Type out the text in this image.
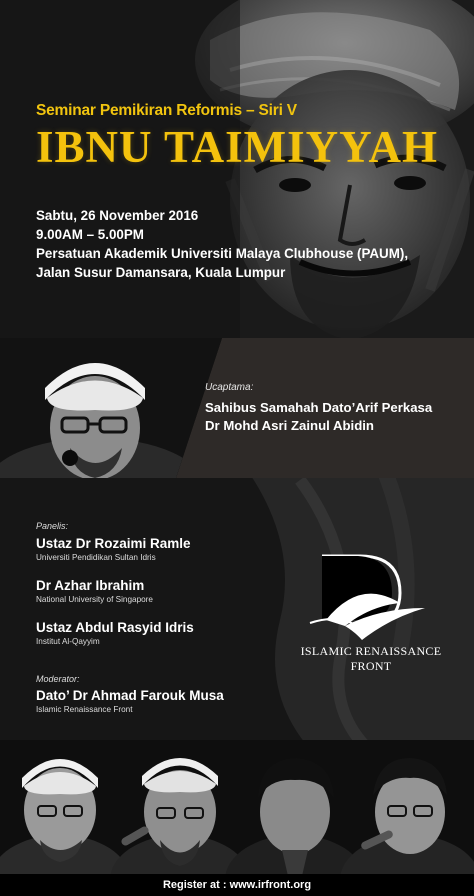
Seminar Pemikiran Reformis – Siri V

IBNU TAIMIYYAH
Sabtu, 26 November 2016
9.00AM – 5.00PM
Persatuan Akademik Universiti Malaya Clubhouse (PAUM),
Jalan Susur Damansara, Kuala Lumpur
Ucaptama:
Sahibus Samahah Dato’Arif Perkasa
Dr Mohd Asri Zainul Abidin
Panelis:
Ustaz Dr Rozaimi Ramle
Universiti Pendidikan Sultan Idris
Dr Azhar Ibrahim
National University of Singapore
Ustaz Abdul Rasyid Idris
Institut Al-Qayyim
Moderator:
Dato’ Dr Ahmad Farouk Musa
Islamic Renaissance Front
ISLAMIC RENAISSANCE
FRONT
Register at : www.irfront.org
